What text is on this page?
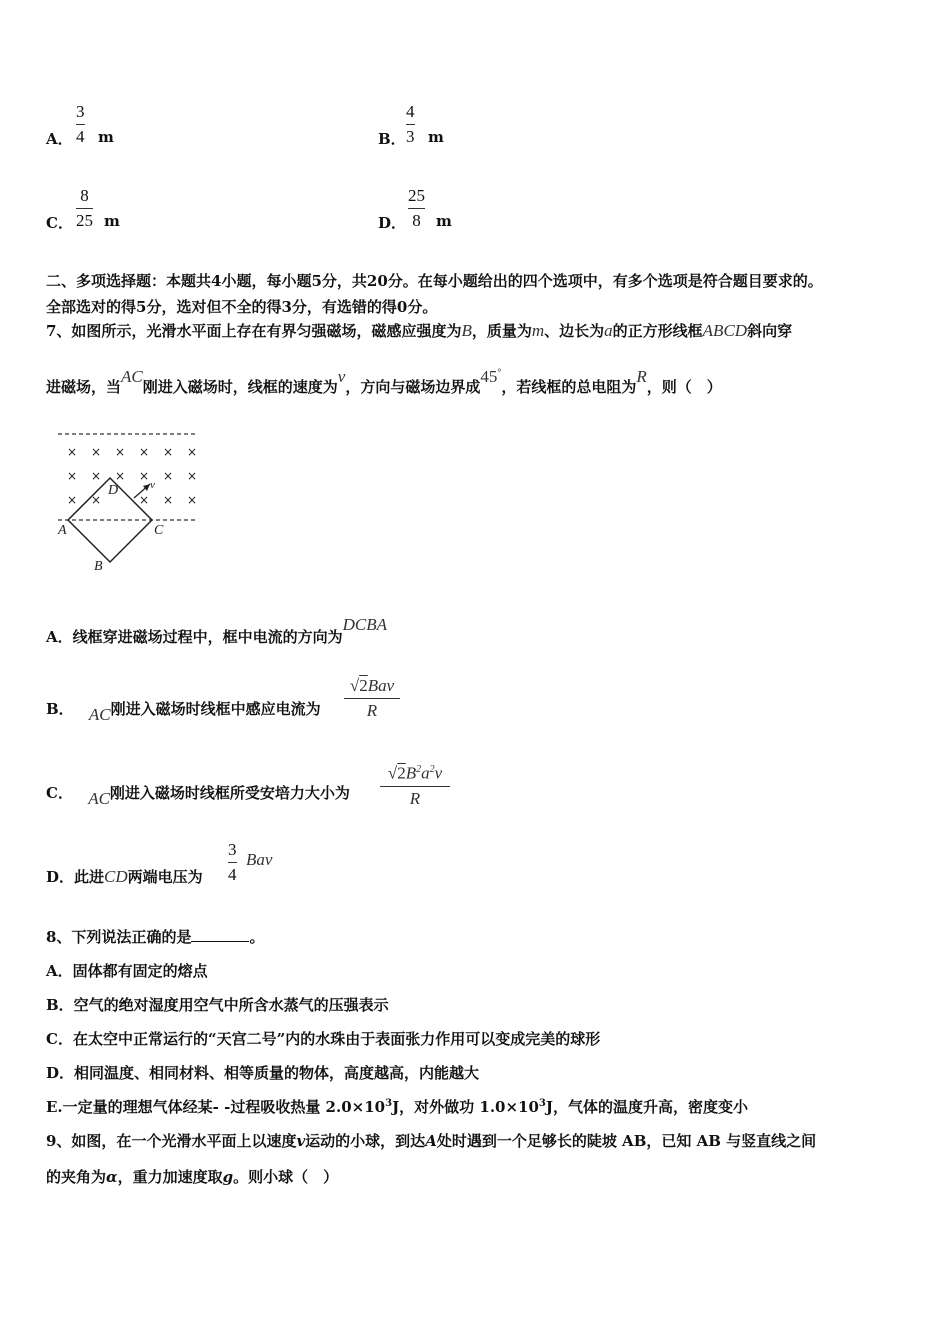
A．
3
4 m	B．
4
3 m
C．
8
25 m	D．
25
8 m
二、多项选择题：本题共4小题，每小题5分，共20分。在每小题给出的四个选项中，有多个选项是符合题目要求的。
全部选对的得5分，选对但不全的得3分，有选错的得0分。
7、如图所示，光滑水平面上存在有界匀强磁场，磁感应强度为B，质量为m、边长为a的正方形线框ABCD斜向穿
进磁场，当AC刚进入磁场时，线框的速度为v，方向与磁场边界成45°，若线框的总电阻为R，则（　）
× × × × × ×
× × × × × ×
× ×	× × ×
A
B
C
D	v
A．线框穿进磁场过程中，框中电流的方向为DCBA
B． AC刚进入磁场时线框中感应电流为
√2Bav
R
C． AC刚进入磁场时线框所受安培力大小为
$√2B^2a^2v$
R
D．此进CD两端电压为
3
4
Bav
8、下列说法正确的是	。
A．固体都有固定的熔点
B．空气的绝对湿度用空气中所含水蒸气的压强表示
C．在太空中正常运行的“天宫二号”内的水珠由于表面张力作用可以变成完美的球形
D．相同温度、相同材料、相等质量的物体，高度越高，内能越大
E.一定量的理想气体经某- -过程吸收热量 $2.0\times 10^3J$，对外做功 $1.0\times 10^3J$，气体的温度升高，密度变小
9、如图，在一个光滑水平面上以速度v运动的小球，到达A处时遇到一个足够长的陡坡 AB，已知 AB 与竖直线之间
的夹角为α，重力加速度取g。则小球（　）
